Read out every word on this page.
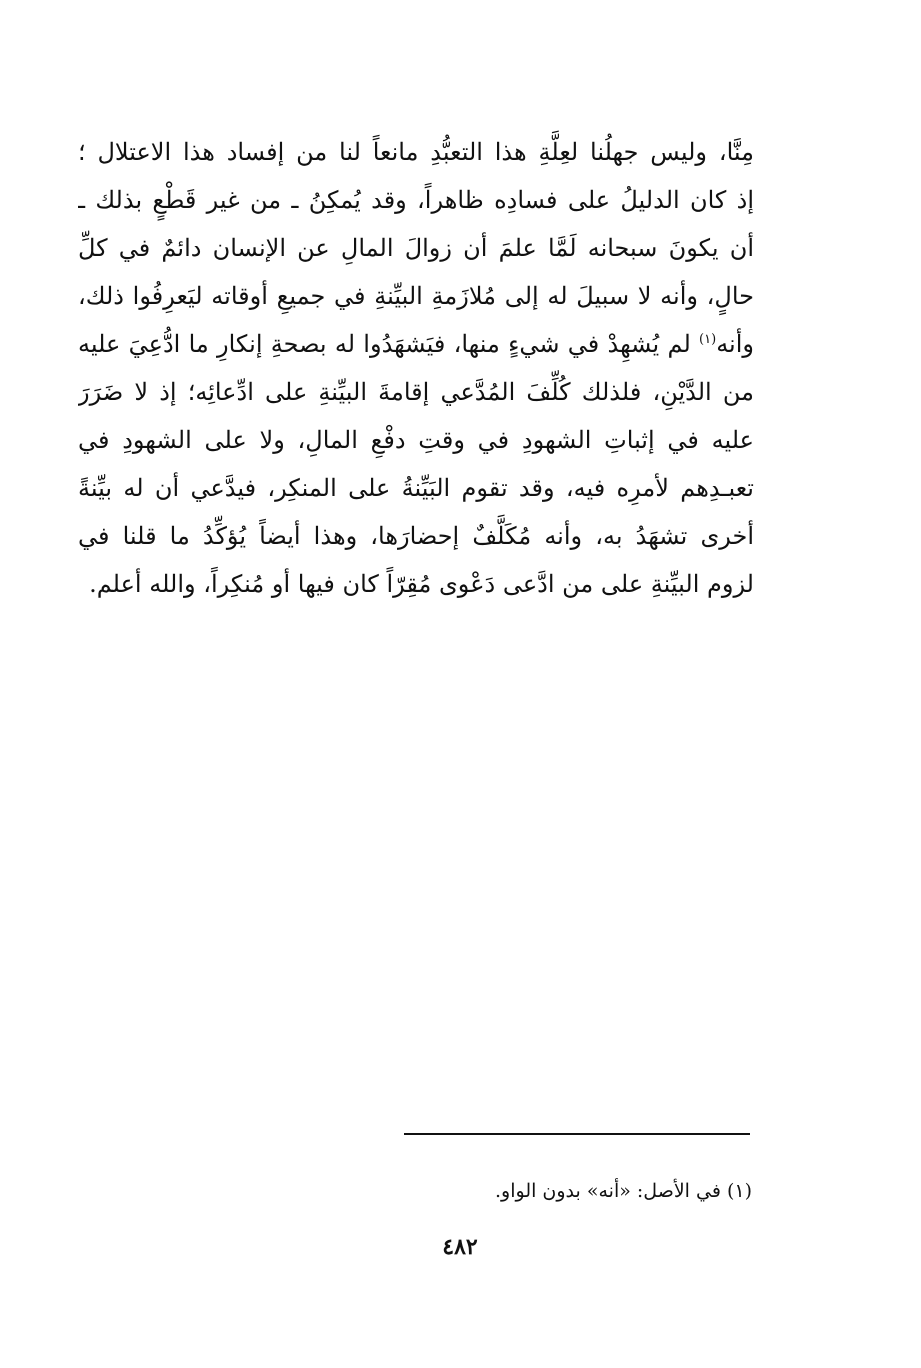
مِنَّا، وليس جهلُنا لعِلَّةِ هذا التعبُّدِ مانعاً لنا من إفساد هذا الاعتلال ؛
إذ كان الدليلُ على فسادِه ظاهراً، وقد يُمكِنُ ـ من غير قَطْعٍ بذلك ـ
أن يكونَ سبحانه لَمَّا علمَ أن زوالَ المالِ عن الإنسان دائمٌ في كلِّ
حالٍ، وأنه لا سبيلَ له إلى مُلازَمةِ البيِّنةِ في جميعِ أوقاته ليَعرِفُوا ذلك،
وأنه$^{(١)}$ لم يُشهِدْ في شيءٍ منها، فيَشهَدُوا له بصحةِ إنكارِ ما ادُّعِيَ عليه
من الدَّيْنِ، فلذلك كُلِّفَ المُدَّعي إقامةَ البيِّنةِ على ادِّعائِه؛ إذ لا ضَرَرَ
عليه في إثباتِ الشهودِ في وقتِ دفْعِ المالِ، ولا على الشهودِ في
تعبـدِهم لأمرِه فيه، وقد تقوم البَيِّنةُ على المنكِر، فيدَّعي أن له بيِّنةً
أخرى تشهَدُ به، وأنه مُكَلَّفٌ إحضارَها، وهذا أيضاً يُؤكِّدُ ما قلنا في
لزوم البيِّنةِ على من ادَّعى دَعْوى مُقِرّاً كان فيها أو مُنكِراً، والله أعلم.
(١) في الأصل: «أنه» بدون الواو.
٤٨٢
